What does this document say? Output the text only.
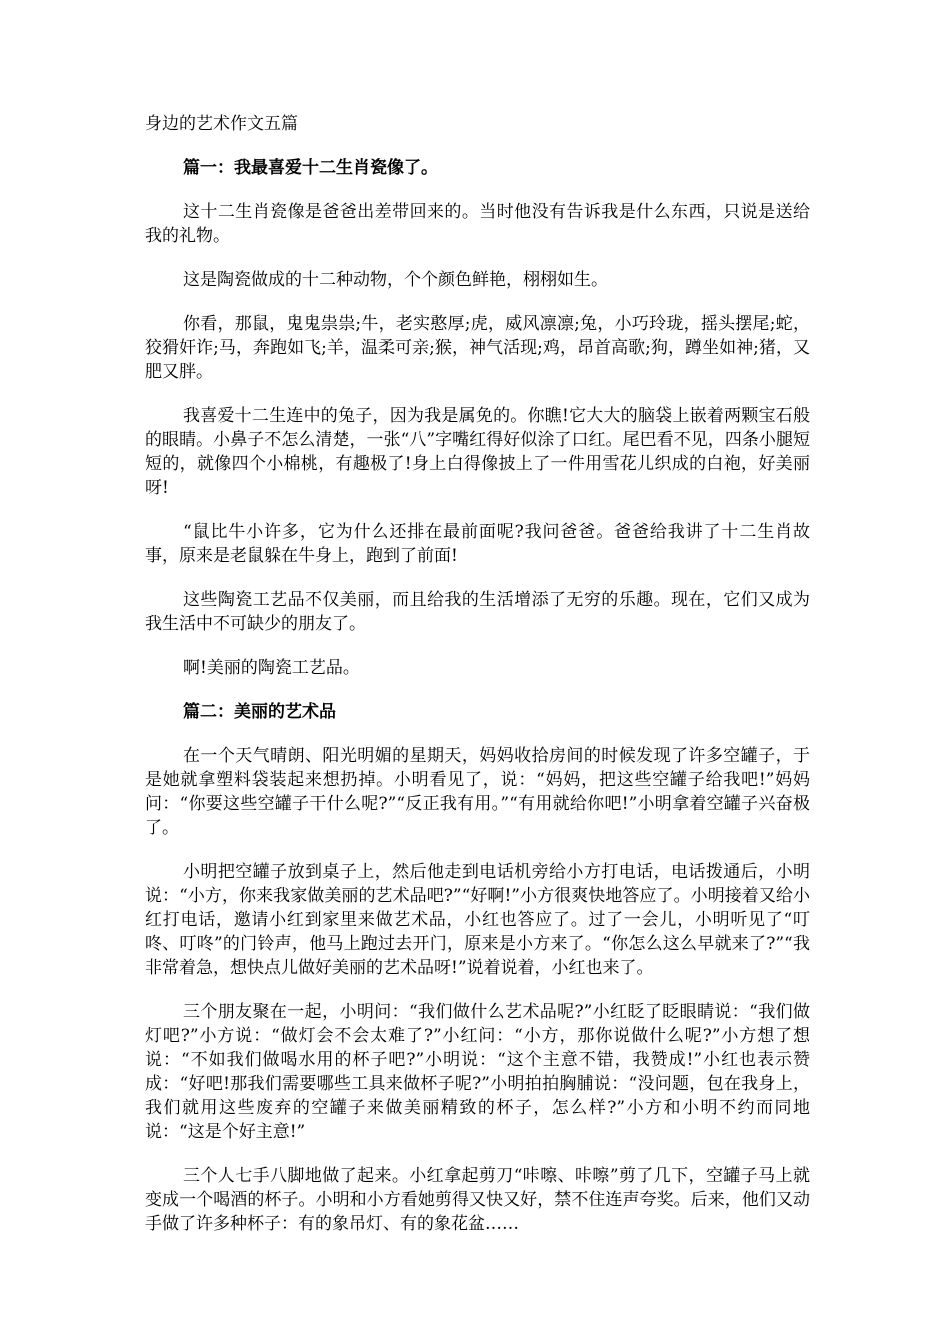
身边的艺术作文五篇
篇一：我最喜爱十二生肖瓷像了。

这十二生肖瓷像是爸爸出差带回来的。当时他没有告诉我是什么东西，只说是送给我的礼物。

这是陶瓷做成的十二种动物，个个颜色鲜艳，栩栩如生。

你看，那鼠，鬼鬼祟祟;牛，老实憨厚;虎，威风凛凛;兔，小巧玲珑，摇头摆尾;蛇，狡猾奸诈;马，奔跑如飞;羊，温柔可亲;猴，神气活现;鸡，昂首高歌;狗，蹲坐如神;猪，又肥又胖。

我喜爱十二生连中的兔子，因为我是属免的。你瞧!它大大的脑袋上嵌着两颗宝石般的眼睛。小鼻子不怎么清楚，一张“八”字嘴红得好似涂了口红。尾巴看不见，四条小腿短短的，就像四个小棉桃，有趣极了!身上白得像披上了一件用雪花儿织成的白袍，好美丽呀!

“鼠比牛小许多，它为什么还排在最前面呢?我问爸爸。爸爸给我讲了十二生肖故事，原来是老鼠躲在牛身上，跑到了前面!

这些陶瓷工艺品不仅美丽，而且给我的生活增添了无穷的乐趣。现在，它们又成为我生活中不可缺少的朋友了。

啊!美丽的陶瓷工艺品。

篇二：美丽的艺术品

在一个天气晴朗、阳光明媚的星期天，妈妈收拾房间的时候发现了许多空罐子，于是她就拿塑料袋装起来想扔掉。小明看见了，说：“妈妈，把这些空罐子给我吧!”妈妈问：“你要这些空罐子干什么呢?”“反正我有用。”“有用就给你吧!”小明拿着空罐子兴奋极了。

小明把空罐子放到桌子上，然后他走到电话机旁给小方打电话，电话拨通后，小明说：“小方，你来我家做美丽的艺术品吧?”“好啊!”小方很爽快地答应了。小明接着又给小红打电话，邀请小红到家里来做艺术品，小红也答应了。过了一会儿，小明听见了“叮咚、叮咚”的门铃声，他马上跑过去开门，原来是小方来了。“你怎么这么早就来了?”“我非常着急，想快点儿做好美丽的艺术品呀!”说着说着，小红也来了。

三个朋友聚在一起，小明问：“我们做什么艺术品呢?”小红眨了眨眼睛说：“我们做灯吧?”小方说：“做灯会不会太难了?”小红问：“小方，那你说做什么呢?”小方想了想说：“不如我们做喝水用的杯子吧?”小明说：“这个主意不错，我赞成!”小红也表示赞成：“好吧!那我们需要哪些工具来做杯子呢?”小明拍拍胸脯说：“没问题，包在我身上，我们就用这些废弃的空罐子来做美丽精致的杯子，怎么样?”小方和小明不约而同地说：“这是个好主意!”

三个人七手八脚地做了起来。小红拿起剪刀“咔嚓、咔嚓”剪了几下，空罐子马上就变成一个喝酒的杯子。小明和小方看她剪得又快又好，禁不住连声夸奖。后来，他们又动手做了许多种杯子：有的象吊灯、有的象花盆……
